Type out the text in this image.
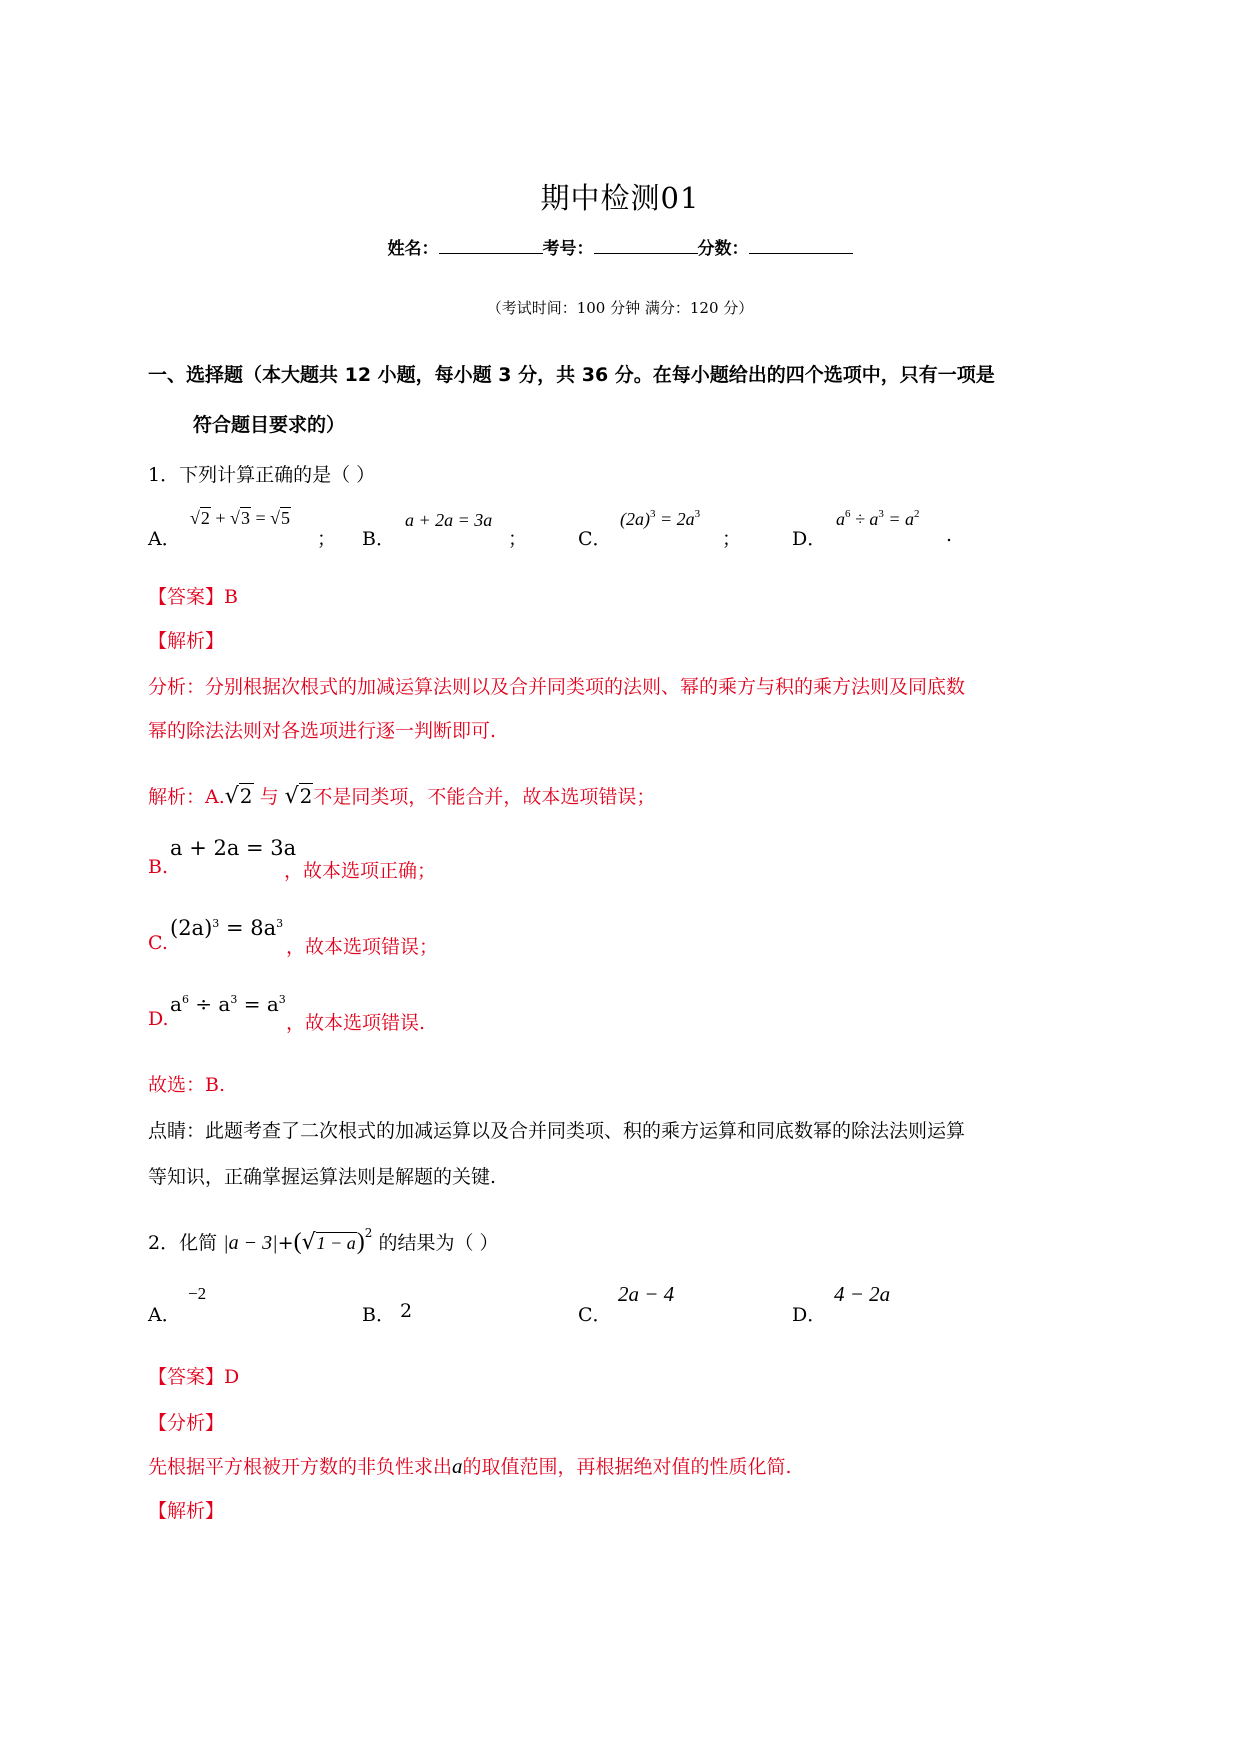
期中检测01
姓名：	考号：	分数：
（考试时间：100 分钟 满分：120 分）
一、选择题（本大题共 12 小题，每小题 3 分，共 36 分。在每小题给出的四个选项中，只有一项是
符合题目要求的）
1．下列计算正确的是（ ）
A．
√2 + √3 = √5
； B．
a + 2a = 3a
；	C．
$(2a)^3 = 2a^3$
；	D．
$a^6 \div a^3 = a^2$
.
【答案】B
【解析】
分析：分别根据次根式的加减运算法则以及合并同类项的法则、幂的乘方与积的乘方法则及同底数
幂的除法法则对各选项进行逐一判断即可.
解析：A.√2 与 √2不是同类项，不能合并，故本选项错误；
B.
a + 2a = 3a
，故本选项正确；
C.
$(2a)^3 = 8a^3$
，故本选项错误；
D.
$a^6 \div a^3 = a^3$
，故本选项错误.
故选：B.
点睛：此题考查了二次根式的加减运算以及合并同类项、积的乘方运算和同底数幂的除法法则运算
等知识，正确掌握运算法则是解题的关键.
2．化简 $|a - 3|+(√1 - a)^2$ 的结果为（ ）
A．
−2
B． 2	C．
2a − 4
D．
4 − 2a
【答案】D
【分析】
先根据平方根被开方数的非负性求出a的取值范围，再根据绝对值的性质化简.
【解析】
